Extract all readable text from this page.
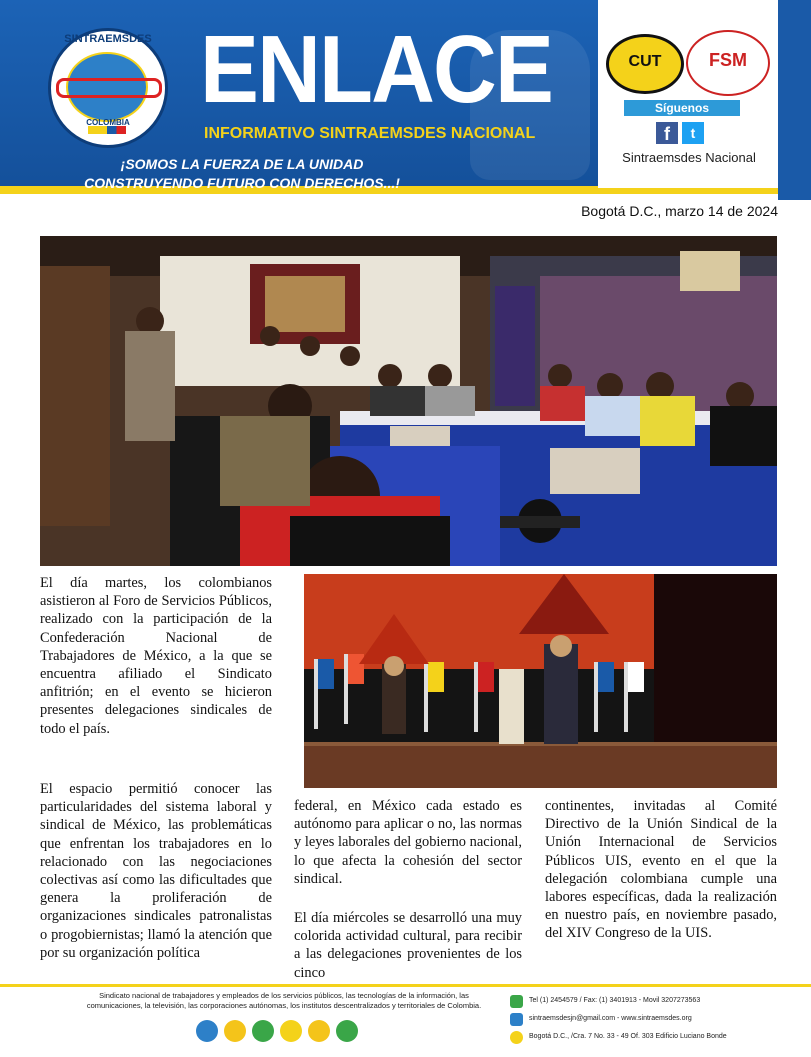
SINTRAEMSDES
COLOMBIA ENLACE
INFORMATIVO SINTRAEMSDES NACIONAL
¡SOMOS LA FUERZA DE LA UNIDAD
CONSTRUYENDO FUTURO CON DERECHOS...!
CUT	FSM
Síguenos
f	t
Sintraemsdes Nacional
Bogotá D.C., marzo 14 de 2024

El día martes, los colombianos asistieron al Foro de Servicios Públicos, realizado con la participación de la Confederación Nacional de Trabajadores de México, a la que se encuentra afiliado el Sindicato anfitrión; en el evento se hicieron presentes delegaciones sindicales de todo el país.

El espacio permitió conocer las particularidades del sistema laboral y sindical de México, las problemáticas que enfrentan los trabajadores en lo relacionado con las negociaciones colectivas así como las dificultades que genera la proliferación de organizaciones sindicales patronalistas o progobiernistas; llamó la atención que por su organización política

federal, en México cada estado es autónomo para aplicar o no, las normas y leyes laborales del gobierno nacional, lo que afecta la cohesión del sector sindical.

El día miércoles se desarrolló una muy colorida actividad cultural, para recibir a las delegaciones provenientes de los cinco

continentes, invitadas al Comité Directivo de la Unión Sindical de la Unión Internacional de Servicios Públicos UIS, evento en el que la delegación colombiana cumple una labores específicas, dada la realización en nuestro país, en noviembre pasado, del XIV Congreso de la UIS.

Sindicato nacional de trabajadores y empleados de los servicios públicos, las tecnologías de la información, las comunicaciones, la televisión, las corporaciones autónomas, los institutos descentralizados y territoriales de Colombia.
Tel (1) 2454579 / Fax: (1) 3401913 - Movil 3207273563
sintraemsdesjn@gmail.com - www.sintraemsdes.org
Bogotá D.C., /Cra. 7 No. 33 - 49 Of. 303 Edificio Luciano Bonde
